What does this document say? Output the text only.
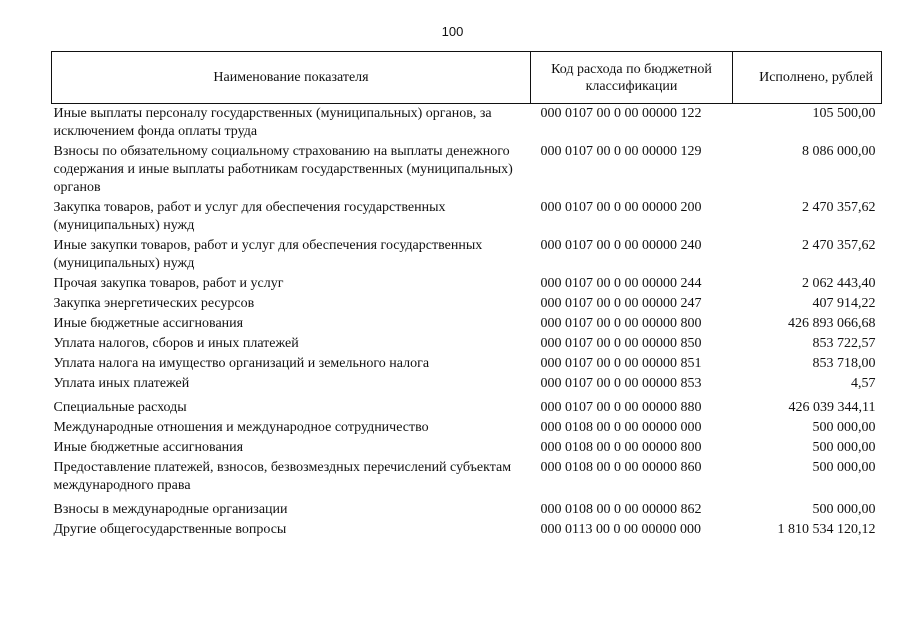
100
Наименование показателя	Код расхода по бюджетной классификации	Исполнено, рублей
Иные выплаты персоналу государственных (муниципальных) органов, за исключением фонда оплаты труда	000 0107 00 0 00 00000 122	105 500,00
Взносы по обязательному социальному страхованию на выплаты денежного содержания и иные выплаты работникам государственных (муниципальных) органов	000 0107 00 0 00 00000 129	8 086 000,00
Закупка товаров, работ и услуг для обеспечения государственных (муниципальных) нужд	000 0107 00 0 00 00000 200	2 470 357,62
Иные закупки товаров, работ и услуг для обеспечения государственных (муниципальных) нужд	000 0107 00 0 00 00000 240	2 470 357,62
Прочая закупка товаров, работ и услуг	000 0107 00 0 00 00000 244	2 062 443,40
Закупка энергетических ресурсов	000 0107 00 0 00 00000 247	407 914,22
Иные бюджетные ассигнования	000 0107 00 0 00 00000 800	426 893 066,68
Уплата налогов, сборов и иных платежей	000 0107 00 0 00 00000 850	853 722,57
Уплата налога на имущество организаций и земельного налога	000 0107 00 0 00 00000 851	853 718,00
Уплата иных платежей	000 0107 00 0 00 00000 853	4,57
Специальные расходы	000 0107 00 0 00 00000 880	426 039 344,11
Международные отношения и международное сотрудничество	000 0108 00 0 00 00000 000	500 000,00
Иные бюджетные ассигнования	000 0108 00 0 00 00000 800	500 000,00
Предоставление платежей, взносов, безвозмездных перечислений субъектам международного права	000 0108 00 0 00 00000 860	500 000,00
Взносы в международные организации	000 0108 00 0 00 00000 862	500 000,00
Другие общегосударственные вопросы	000 0113 00 0 00 00000 000	1 810 534 120,12
